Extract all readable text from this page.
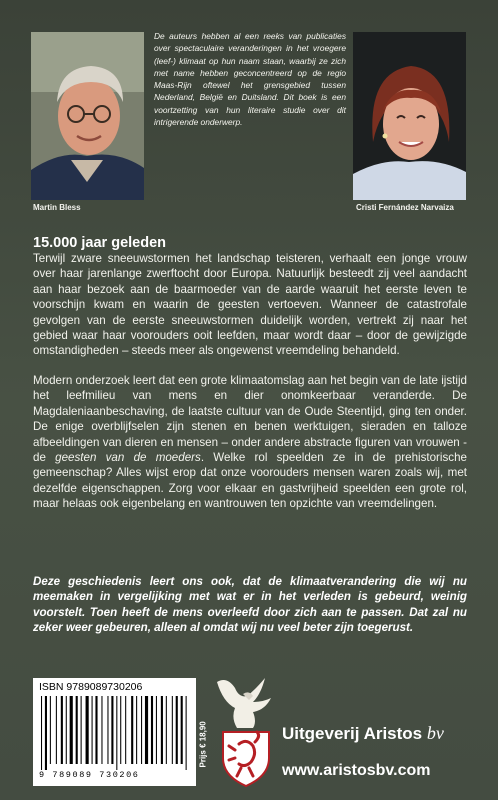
De auteurs hebben al een reeks van publicaties over spectaculaire veranderingen in het vroegere (leef-) klimaat op hun naam staan, waarbij ze zich met name hebben geconcentreerd op de regio Maas-Rijn oftewel het grensgebied tussen Nederland, België en Duitsland. Dit boek is een voortzetting van hun literaire studie over dit intrigerende onderwerp.

Martin Bless	Cristi Fernández Narvaiza
15.000 jaar geleden

Terwijl zware sneeuwstormen het landschap teisteren, verhaalt een jonge vrouw over haar jarenlange zwerftocht door Europa. Natuurlijk besteedt zij veel aandacht aan haar bezoek aan de baarmoeder van de aarde waaruit het eerste leven te voorschijn kwam en waarin de geesten vertoeven. Wanneer de catastrofale gevolgen van de eerste sneeuwstormen duidelijk worden, vertrekt zij naar het gebied waar haar voorouders ooit leefden, maar wordt daar – door de gewijzigde omstandigheden – steeds meer als ongewenst vreemdeling behandeld.

Modern onderzoek leert dat een grote klimaatomslag aan het begin van de late ijstijd het leefmilieu van mens en dier onomkeerbaar veranderde. De Magdaleniaanbeschaving, de laatste cultuur van de Oude Steentijd, ging ten onder. De enige overblijfselen zijn stenen en benen werktuigen, sieraden en talloze afbeeldingen van dieren en mensen – onder andere abstracte figuren van vrouwen - de geesten van de moeders. Welke rol speelden ze in de prehistorische gemeenschap? Alles wijst erop dat onze voorouders mensen waren zoals wij, met dezelfde eigenschappen. Zorg voor elkaar en gastvrijheid speelden een grote rol, maar helaas ook eigenbelang en wantrouwen ten opzichte van vreemdelingen.

Deze geschiedenis leert ons ook, dat de klimaatverandering die wij nu meemaken in vergelijking met wat er in het verleden is gebeurd, weinig voorstelt. Toen heeft de mens overleefd door zich aan te passen. Dat zal nu zeker weer gebeuren, alleen al omdat wij nu veel beter zijn toegerust.

ISBN 9789089730206

9 789089 730206

Prijs € 18,90	Uitgeverij Aristos bv

www.aristosbv.com
